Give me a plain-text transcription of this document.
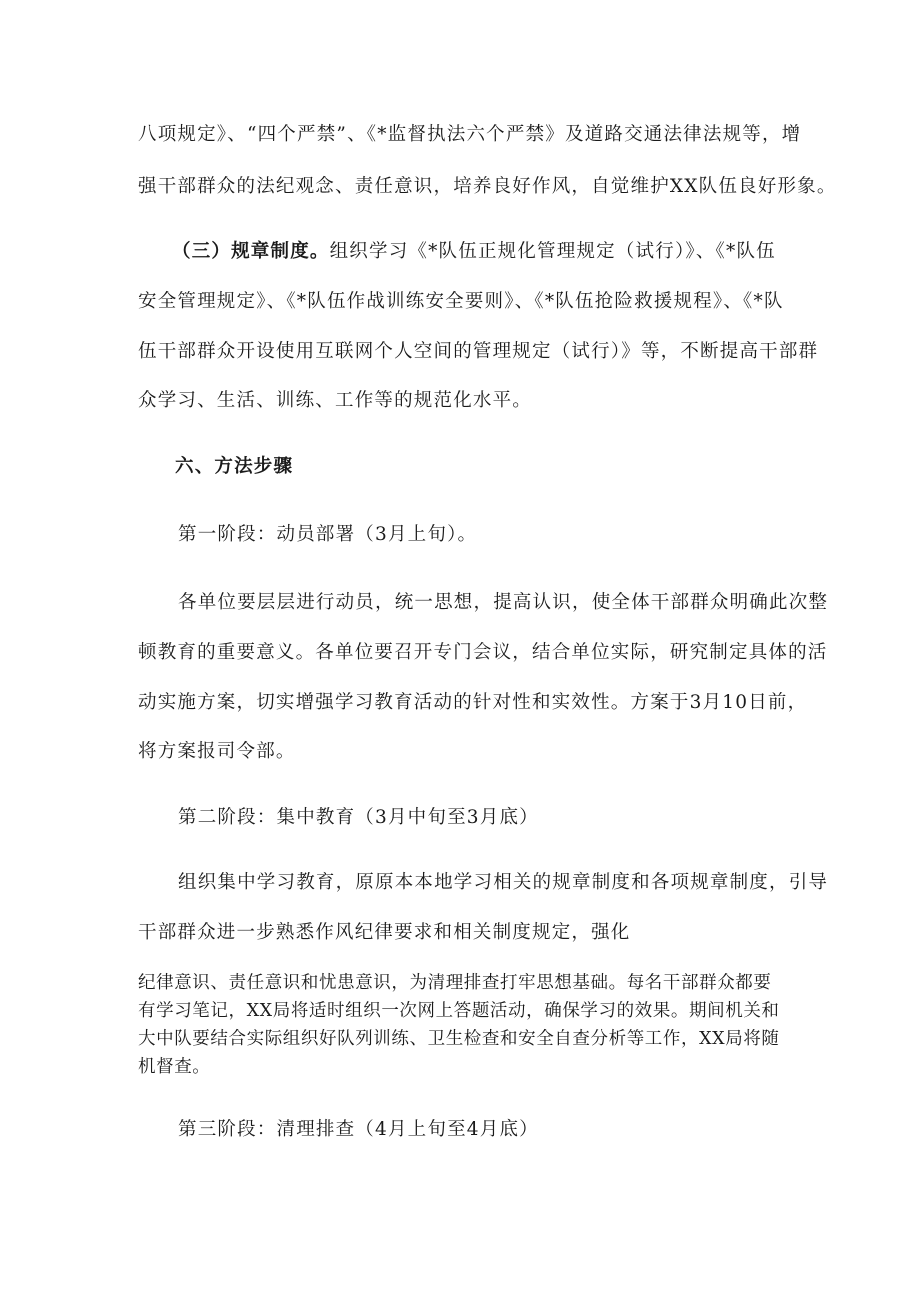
八项规定》、“四个严禁”、《*监督执法六个严禁》及道路交通法律法规等，增
强干部群众的法纪观念、责任意识，培养良好作风，自觉维护XX队伍良好形象。
（三）规章制度。组织学习《*队伍正规化管理规定（试行）》、《*队伍
安全管理规定》、《*队伍作战训练安全要则》、《*队伍抢险救援规程》、《*队
伍干部群众开设使用互联网个人空间的管理规定（试行）》等，不断提高干部群
众学习、生活、训练、工作等的规范化水平。
六、方法步骤
第一阶段：动员部署（3月上旬）。
各单位要层层进行动员，统一思想，提高认识，使全体干部群众明确此次整
顿教育的重要意义。各单位要召开专门会议，结合单位实际，研究制定具体的活
动实施方案，切实增强学习教育活动的针对性和实效性。方案于3月10日前，
将方案报司令部。
第二阶段：集中教育（3月中旬至3月底）
组织集中学习教育，原原本本地学习相关的规章制度和各项规章制度，引导
干部群众进一步熟悉作风纪律要求和相关制度规定，强化
纪律意识、责任意识和忧患意识，为清理排查打牢思想基础。每名干部群众都要
有学习笔记，XX局将适时组织一次网上答题活动，确保学习的效果。期间机关和
大中队要结合实际组织好队列训练、卫生检查和安全自查分析等工作，XX局将随
机督查。
第三阶段：清理排查（4月上旬至4月底）
